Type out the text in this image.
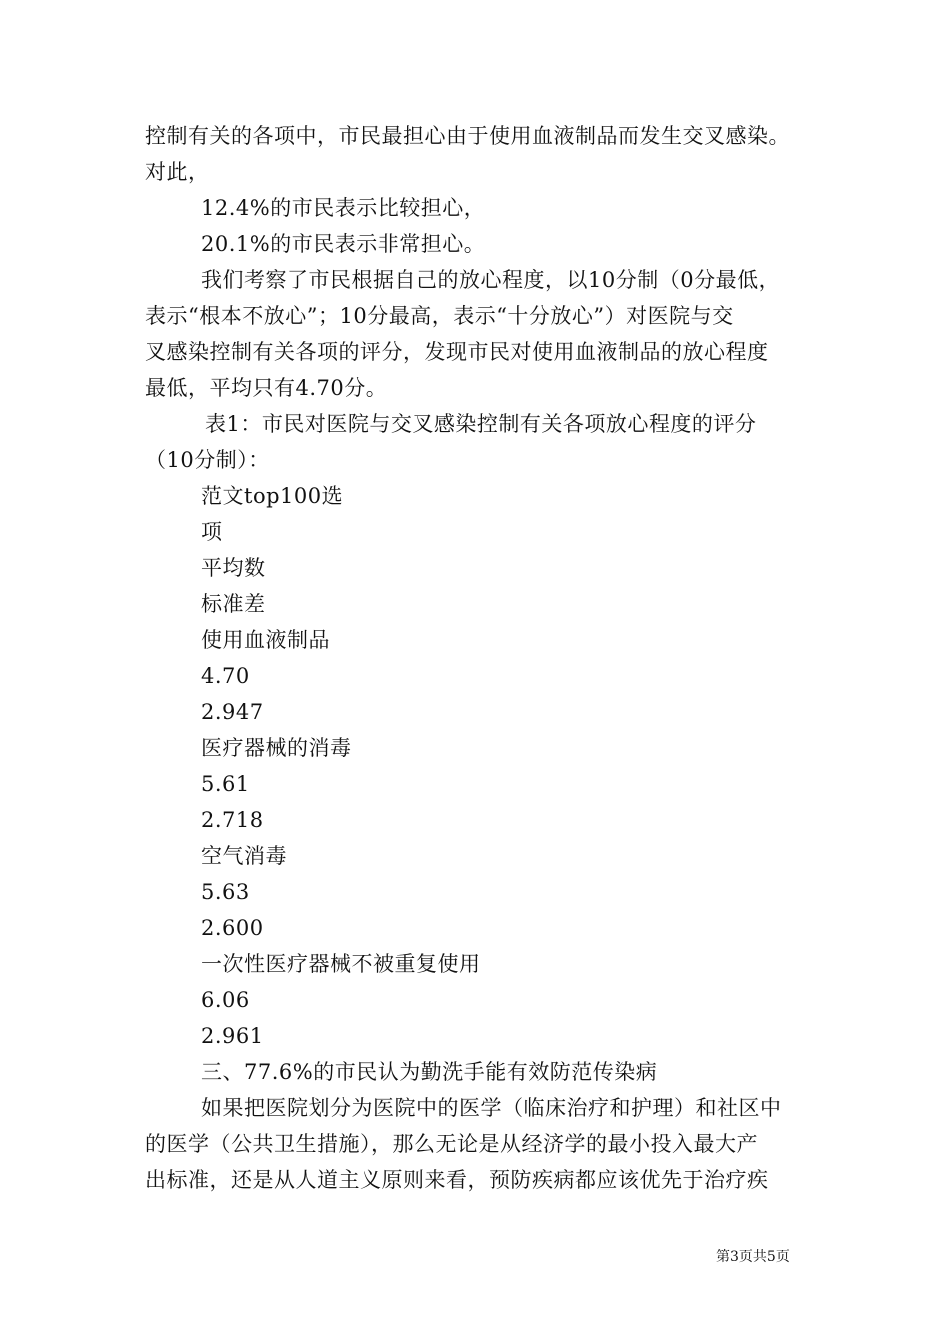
控制有关的各项中，市民最担心由于使用血液制品而发生交叉感染。
对此，
12.4%的市民表示比较担心，
20.1%的市民表示非常担心。
我们考察了市民根据自己的放心程度，以10分制（0分最低，
表示“根本不放心”；10分最高，表示“十分放心”）对医院与交
叉感染控制有关各项的评分，发现市民对使用血液制品的放心程度
最低，平均只有4.70分。
表1：市民对医院与交叉感染控制有关各项放心程度的评分
（10分制）：
范文top100选
项
平均数
标准差
使用血液制品
4.70
2.947
医疗器械的消毒
5.61
2.718
空气消毒
5.63
2.600
一次性医疗器械不被重复使用
6.06
2.961
三、77.6%的市民认为勤洗手能有效防范传染病
如果把医院划分为医院中的医学（临床治疗和护理）和社区中
的医学（公共卫生措施），那么无论是从经济学的最小投入最大产
出标准，还是从人道主义原则来看，预防疾病都应该优先于治疗疾
第3页共5页
